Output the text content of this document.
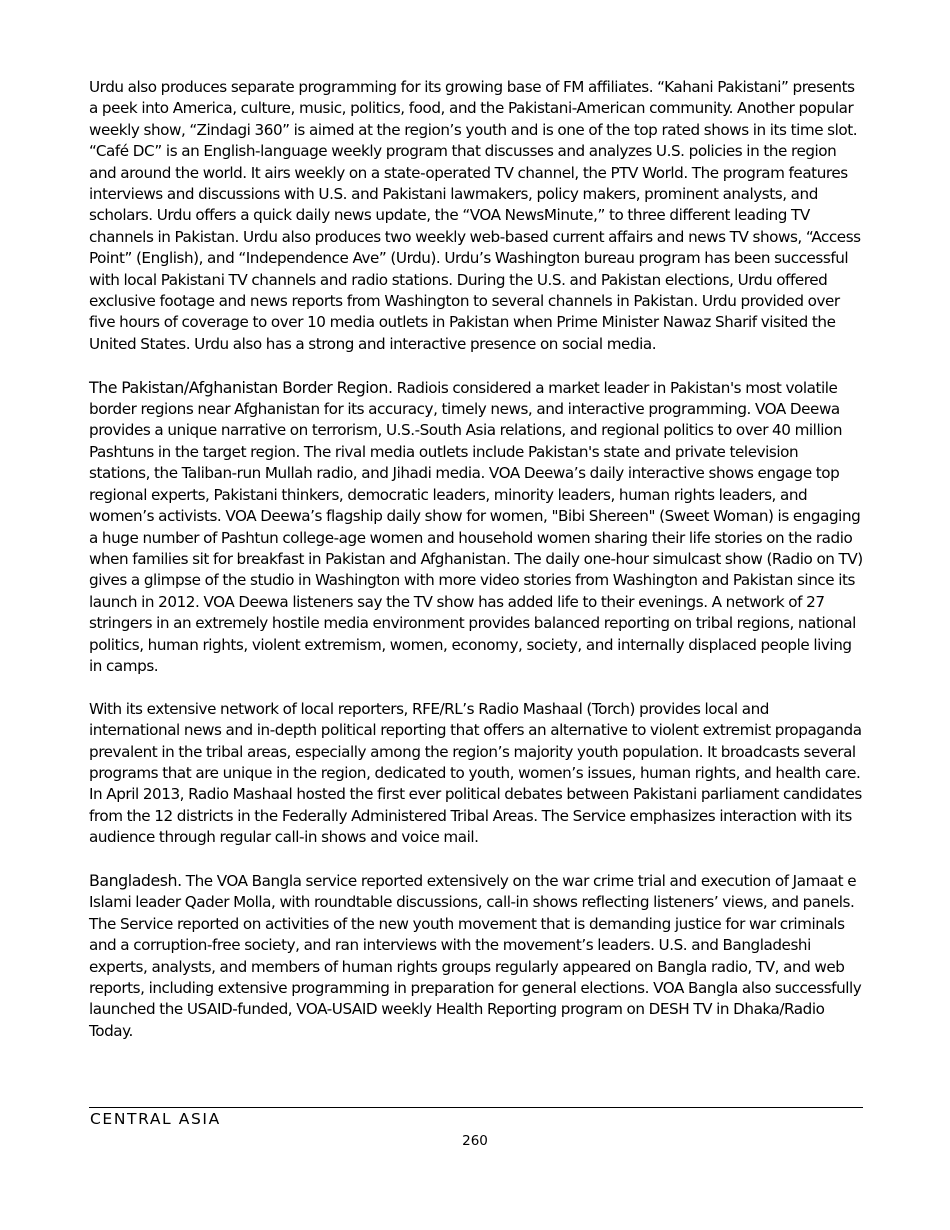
Urdu also produces separate programming for its growing base of FM affiliates. “Kahani Pakistani” presents a peek into America, culture, music, politics, food, and the Pakistani-American community. Another popular weekly show, “Zindagi 360” is aimed at the region’s youth and is one of the top rated shows in its time slot. “Café DC” is an English-language weekly program that discusses and analyzes U.S. policies in the region and around the world. It airs weekly on a state-operated TV channel, the PTV World. The program features interviews and discussions with U.S. and Pakistani lawmakers, policy makers, prominent analysts, and scholars. Urdu offers a quick daily news update, the “VOA NewsMinute,” to three different leading TV channels in Pakistan. Urdu also produces two weekly web-based current affairs and news TV shows, “Access Point” (English), and “Independence Ave” (Urdu). Urdu’s Washington bureau program has been successful with local Pakistani TV channels and radio stations. During the U.S. and Pakistan elections, Urdu offered exclusive footage and news reports from Washington to several channels in Pakistan. Urdu provided over five hours of coverage to over 10 media outlets in Pakistan when Prime Minister Nawaz Sharif visited the United States. Urdu also has a strong and interactive presence on social media.

The Pakistan/Afghanistan Border Region. Radiois considered a market leader in Pakistan's most volatile border regions near Afghanistan for its accuracy, timely news, and interactive programming. VOA Deewa provides a unique narrative on terrorism, U.S.-South Asia relations, and regional politics to over 40 million Pashtuns in the target region. The rival media outlets include Pakistan's state and private television stations, the Taliban-run Mullah radio, and Jihadi media. VOA Deewa’s daily interactive shows engage top regional experts, Pakistani thinkers, democratic leaders, minority leaders, human rights leaders, and women’s activists. VOA Deewa’s flagship daily show for women, "Bibi Shereen" (Sweet Woman) is engaging a huge number of Pashtun college-age women and household women sharing their life stories on the radio when families sit for breakfast in Pakistan and Afghanistan. The daily one-hour simulcast show (Radio on TV) gives a glimpse of the studio in Washington with more video stories from Washington and Pakistan since its launch in 2012. VOA Deewa listeners say the TV show has added life to their evenings. A network of 27 stringers in an extremely hostile media environment provides balanced reporting on tribal regions, national politics, human rights, violent extremism, women, economy, society, and internally displaced people living in camps.

With its extensive network of local reporters, RFE/RL’s Radio Mashaal (Torch) provides local and international news and in-depth political reporting that offers an alternative to violent extremist propaganda prevalent in the tribal areas, especially among the region’s majority youth population. It broadcasts several programs that are unique in the region, dedicated to youth, women’s issues, human rights, and health care. In April 2013, Radio Mashaal hosted the first ever political debates between Pakistani parliament candidates from the 12 districts in the Federally Administered Tribal Areas. The Service emphasizes interaction with its audience through regular call-in shows and voice mail.

Bangladesh. The VOA Bangla service reported extensively on the war crime trial and execution of Jamaat e Islami leader Qader Molla, with roundtable discussions, call-in shows reflecting listeners’ views, and panels. The Service reported on activities of the new youth movement that is demanding justice for war criminals and a corruption-free society, and ran interviews with the movement’s leaders. U.S. and Bangladeshi experts, analysts, and members of human rights groups regularly appeared on Bangla radio, TV, and web reports, including extensive programming in preparation for general elections. VOA Bangla also successfully launched the USAID-funded, VOA-USAID weekly Health Reporting program on DESH TV in Dhaka/Radio Today.

CENTRAL ASIA
260
